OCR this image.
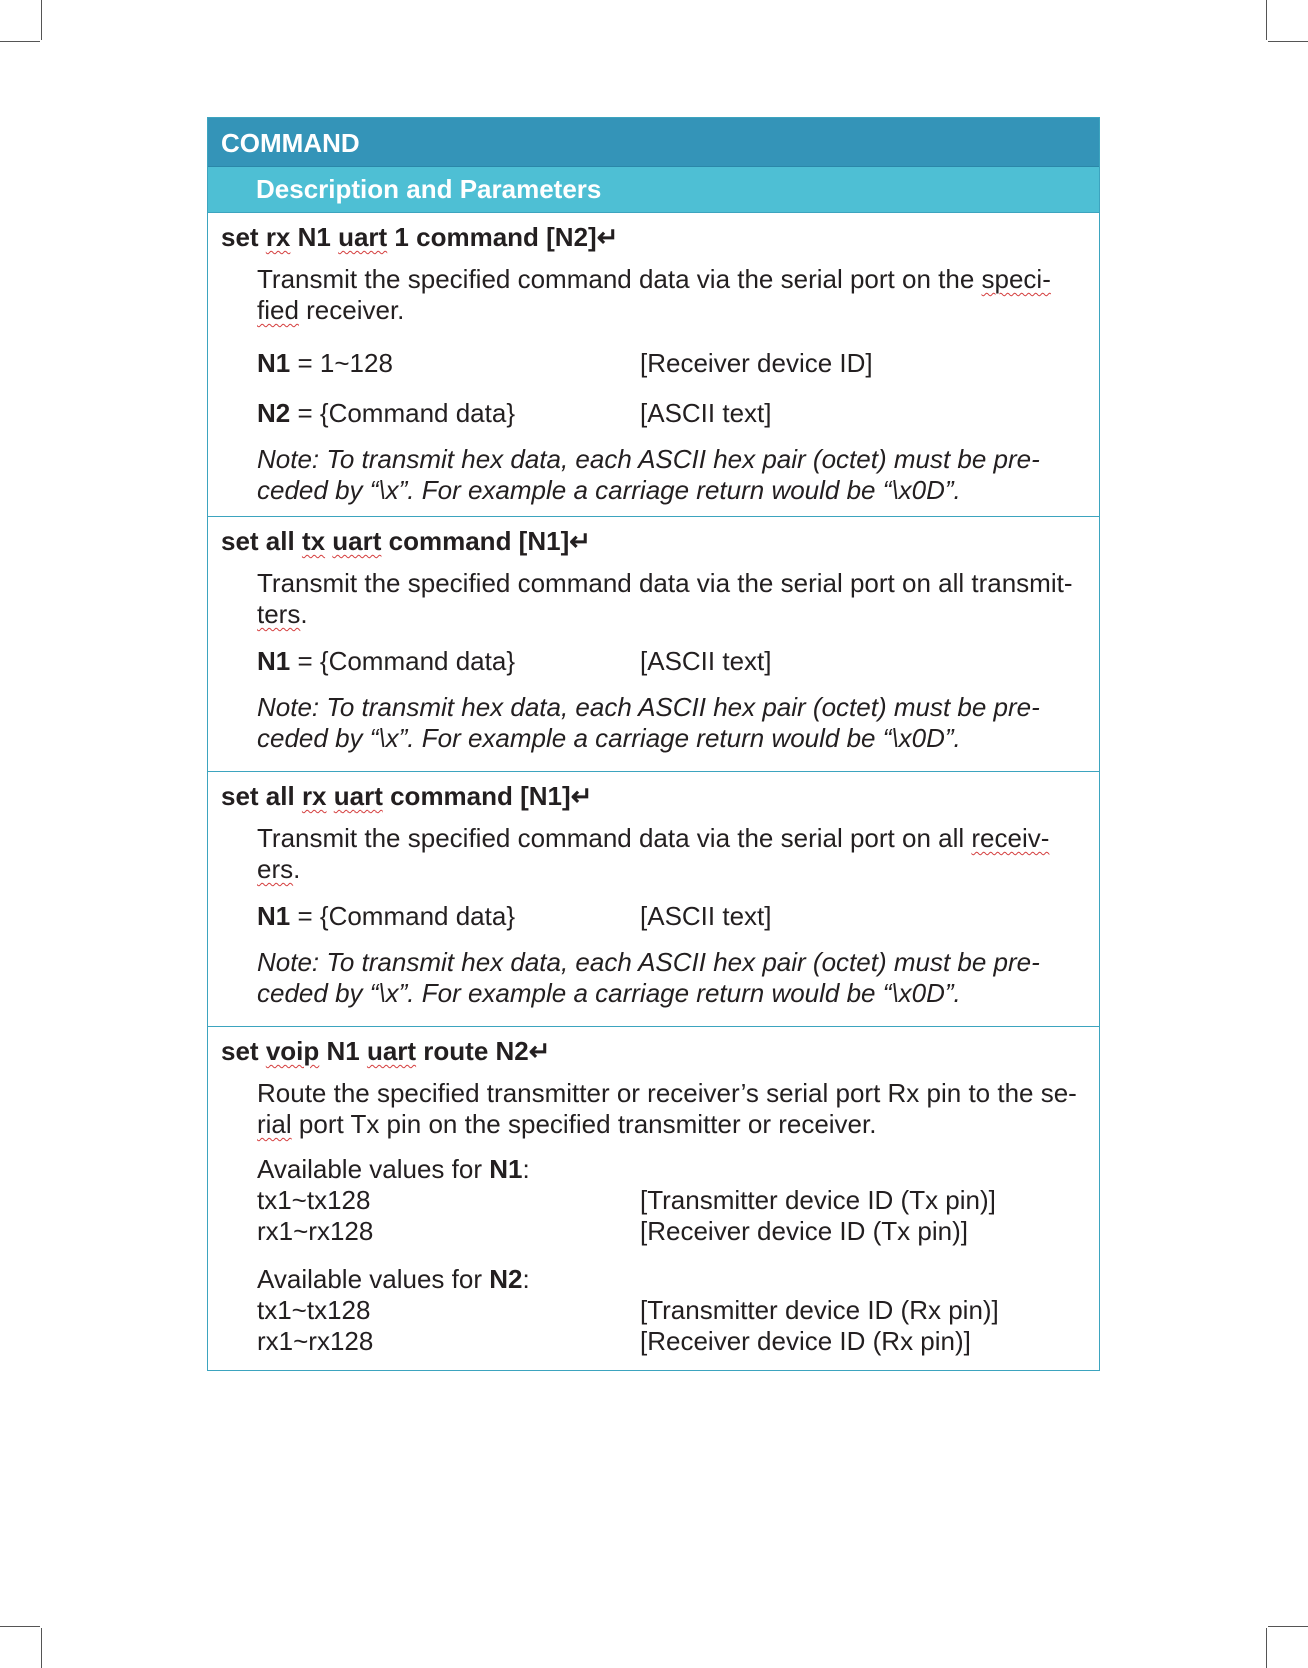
COMMAND
Description and Parameters
set rx N1 uart 1 command [N2]↵
Transmit the specified command data via the serial port on the speci-
fied receiver.
N1 = 1~128	[Receiver device ID]
N2 = {Command data}	[ASCII text]
Note: To transmit hex data, each ASCII hex pair (octet) must be pre-
ceded by “\x”. For example a carriage return would be “\x0D”.
set all tx uart command [N1]↵
Transmit the specified command data via the serial port on all transmit-
ters.
N1 = {Command data}	[ASCII text]
Note: To transmit hex data, each ASCII hex pair (octet) must be pre-
ceded by “\x”. For example a carriage return would be “\x0D”.
set all rx uart command [N1]↵
Transmit the specified command data via the serial port on all receiv-
ers.
N1 = {Command data}	[ASCII text]
Note: To transmit hex data, each ASCII hex pair (octet) must be pre-
ceded by “\x”. For example a carriage return would be “\x0D”.
set voip N1 uart route N2↵
Route the specified transmitter or receiver’s serial port Rx pin to the se-
rial port Tx pin on the specified transmitter or receiver.
Available values for N1:
tx1~tx128	[Transmitter device ID (Tx pin)]
rx1~rx128	[Receiver device ID (Tx pin)]
Available values for N2:
tx1~tx128	[Transmitter device ID (Rx pin)]
rx1~rx128	[Receiver device ID (Rx pin)]
